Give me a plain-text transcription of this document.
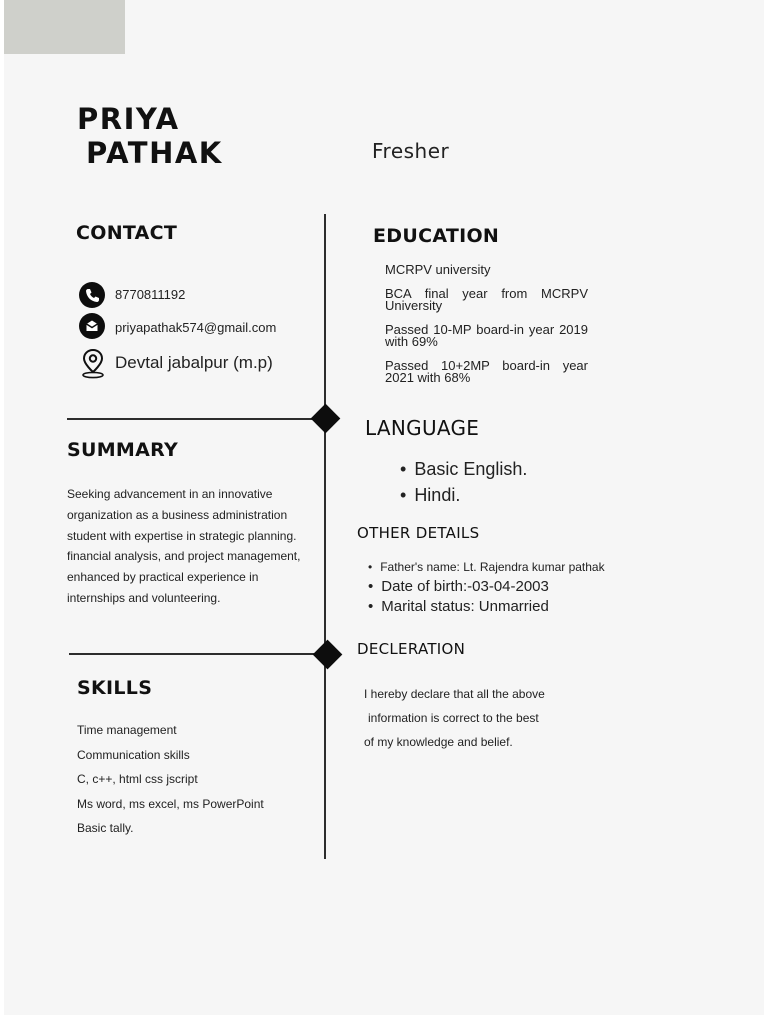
PRIYA
PATHAK	Fresher
CONTACT
8770811192
priyapathak574@gmail.com
Devtal jabalpur (m.p)
SUMMARY
Seeking advancement in an innovative organization as a business administration student with expertise in strategic planning. financial analysis, and project management, enhanced by practical experience in internships and volunteering.
SKILLS
Time management
Communication skills
C, c++, html css jscript
Ms word, ms excel, ms PowerPoint
Basic tally.
EDUCATION

MCRPV university

BCA final year from MCRPV University

Passed 10-MP board-in year 2019 with 69%

Passed 10+2MP board-in year 2021 with 68%

LANGUAGE
• Basic English.
• Hindi.
OTHER DETAILS
• Father's name: Lt. Rajendra kumar pathak
• Date of birth:-03-04-2003
• Marital status: Unmarried
DECLERATION

I hereby declare that all the above

information is correct to the best

of my knowledge and belief.
